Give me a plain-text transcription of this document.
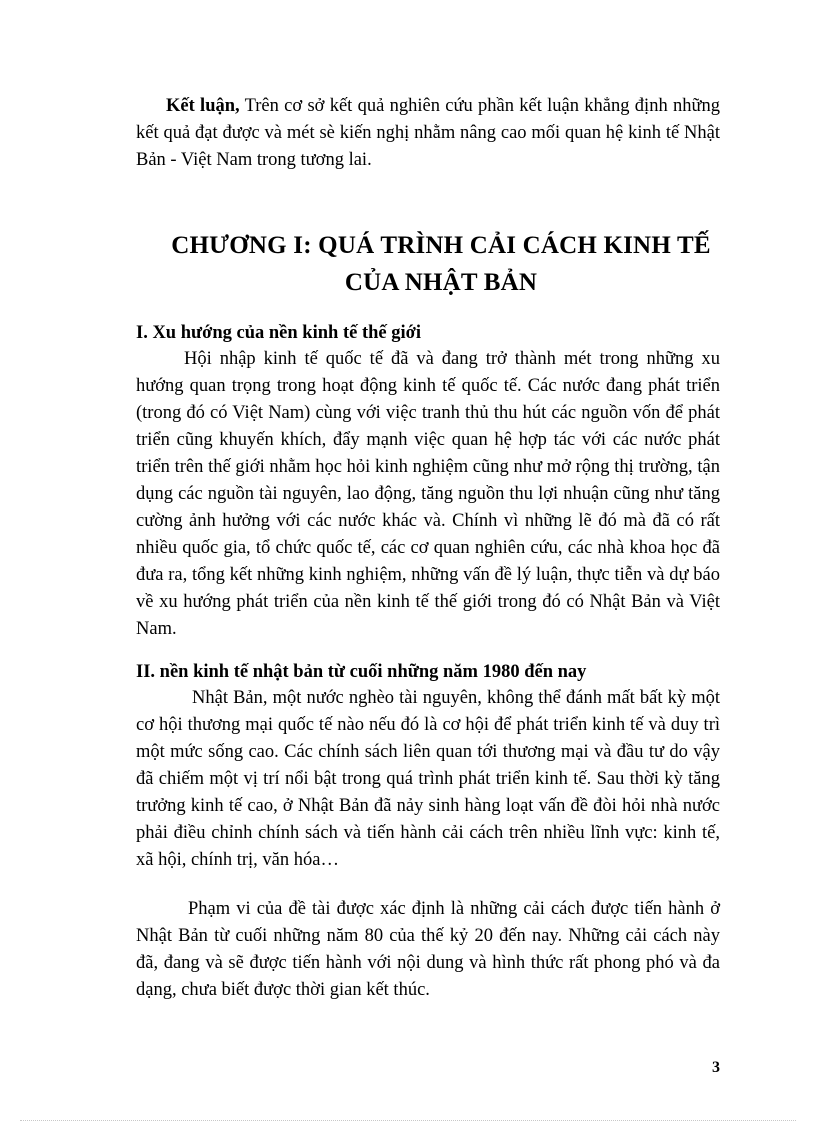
Kết luận, Trên cơ sở kết quả nghiên cứu phần kết luận khẳng định những kết quả đạt được và mét sè kiến nghị nhằm nâng cao mối quan hệ kinh tế Nhật Bản - Việt Nam trong tương lai.

CHƯƠNG I: QUÁ TRÌNH CẢI CÁCH KINH TẾ
CỦA NHẬT BẢN
I. Xu hướng của nền kinh tế thế giới

Hội nhập kinh tế quốc tế đã và đang trở thành mét trong những xu hướng quan trọng trong hoạt động kinh tế quốc tế. Các nước đang phát triển (trong đó có Việt Nam) cùng với việc tranh thủ thu hút các nguồn vốn để phát triển cũng khuyến khích, đẩy mạnh việc quan hệ hợp tác với các nước phát triển trên thế giới nhằm học hỏi kinh nghiệm cũng như mở rộng thị trường, tận dụng các nguồn tài nguyên, lao động, tăng nguồn thu lợi nhuận cũng như tăng cường ảnh hưởng với các nước khác và. Chính vì những lẽ đó mà đã có rất nhiều quốc gia, tổ chức quốc tế, các cơ quan nghiên cứu, các nhà khoa học đã đưa ra, tổng kết những kinh nghiệm, những vấn đề lý luận, thực tiễn và dự báo về xu hướng phát triển của nền kinh tế thế giới trong đó có Nhật Bản và Việt Nam.

II. nền kinh tế nhật bản từ cuối những năm 1980 đến nay

Nhật Bản, một nước nghèo tài nguyên, không thể đánh mất bất kỳ một cơ hội thương mại quốc tế nào nếu đó là cơ hội để phát triển kinh tế và duy trì một mức sống cao. Các chính sách liên quan tới thương mại và đầu tư do vậy đã chiếm một vị trí nổi bật trong quá trình phát triển kinh tế. Sau thời kỳ tăng trưởng kinh tế cao, ở Nhật Bản đã nảy sinh hàng loạt vấn đề đòi hỏi nhà nước phải điều chỉnh chính sách và tiến hành cải cách trên nhiều lĩnh vực: kinh tế, xã hội, chính trị, văn hóa…

Phạm vi của đề tài được xác định là những cải cách được tiến hành ở Nhật Bản từ cuối những năm 80 của thế kỷ 20 đến nay. Những cải cách này đã, đang và sẽ được tiến hành với nội dung và hình thức rất phong phó và đa dạng, chưa biết được thời gian kết thúc.

3
